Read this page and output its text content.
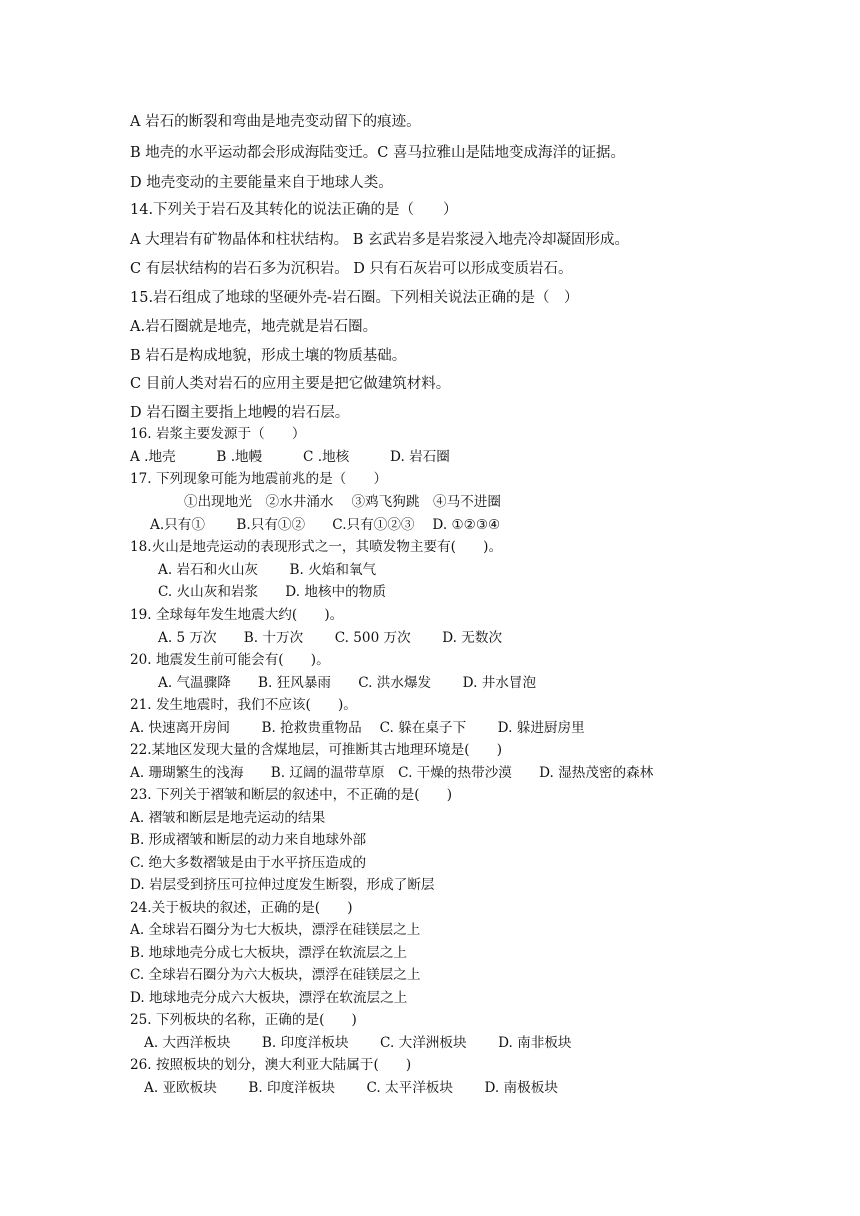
A 岩石的断裂和弯曲是地壳变动留下的痕迹。
B 地壳的水平运动都会形成海陆变迁。C 喜马拉雅山是陆地变成海洋的证据。
D 地壳变动的主要能量来自于地球人类。
14.下列关于岩石及其转化的说法正确的是（　　）
A 大理岩有矿物晶体和柱状结构。 B 玄武岩多是岩浆浸入地壳冷却凝固形成。
C 有层状结构的岩石多为沉积岩。 D 只有石灰岩可以形成变质岩石。
15.岩石组成了地球的坚硬外壳-岩石圈。下列相关说法正确的是（　）
A.岩石圈就是地壳，地壳就是岩石圈。
B 岩石是构成地貌，形成土壤的物质基础。
C 目前人类对岩石的应用主要是把它做建筑材料。
D 岩石圈主要指上地幔的岩石层。
16. 岩浆主要发源于（　　）
A .地壳　　　B .地幔　　　C .地核　　　D. 岩石圈
17. 下列现象可能为地震前兆的是（　　）
①出现地光　②水井涌水　 ③鸡飞狗跳　④马不进圈
A.只有①　　 B.只有①②　　C.只有①②③　 D. ①②③④
18.火山是地壳运动的表现形式之一，其喷发物主要有(　　)。
A. 岩石和火山灰　　 B. 火焰和氧气
C. 火山灰和岩浆　　D. 地核中的物质
19. 全球每年发生地震大约(　　)。
A. 5 万次　　B. 十万次　　 C. 500 万次　　 D. 无数次
20. 地震发生前可能会有(　　)。
A. 气温骤降　　B. 狂风暴雨　　C. 洪水爆发　　 D. 井水冒泡
21. 发生地震时，我们不应该(　　)。
A. 快速离开房间　　 B. 抢救贵重物品　 C. 躲在桌子下　　 D. 躲进厨房里
22.某地区发现大量的含煤地层，可推断其古地理环境是(　　)
A. 珊瑚繁生的浅海　　B. 辽阔的温带草原　C. 干燥的热带沙漠　　D. 湿热茂密的森林
23. 下列关于褶皱和断层的叙述中，不正确的是(　　)
A. 褶皱和断层是地壳运动的结果
B. 形成褶皱和断层的动力来自地球外部
C. 绝大多数褶皱是由于水平挤压造成的
D. 岩层受到挤压可拉伸过度发生断裂，形成了断层
24.关于板块的叙述，正确的是(　　)
A. 全球岩石圈分为七大板块，漂浮在硅镁层之上
B. 地球地壳分成七大板块，漂浮在软流层之上
C. 全球岩石圈分为六大板块，漂浮在硅镁层之上
D. 地球地壳分成六大板块，漂浮在软流层之上
25. 下列板块的名称，正确的是(　　)
A. 大西洋板块　　 B. 印度洋板块　　 C. 大洋洲板块　　 D. 南非板块
26. 按照板块的划分，澳大利亚大陆属于(　　)
A. 亚欧板块　　 B. 印度洋板块　　 C. 太平洋板块　　 D. 南极板块
